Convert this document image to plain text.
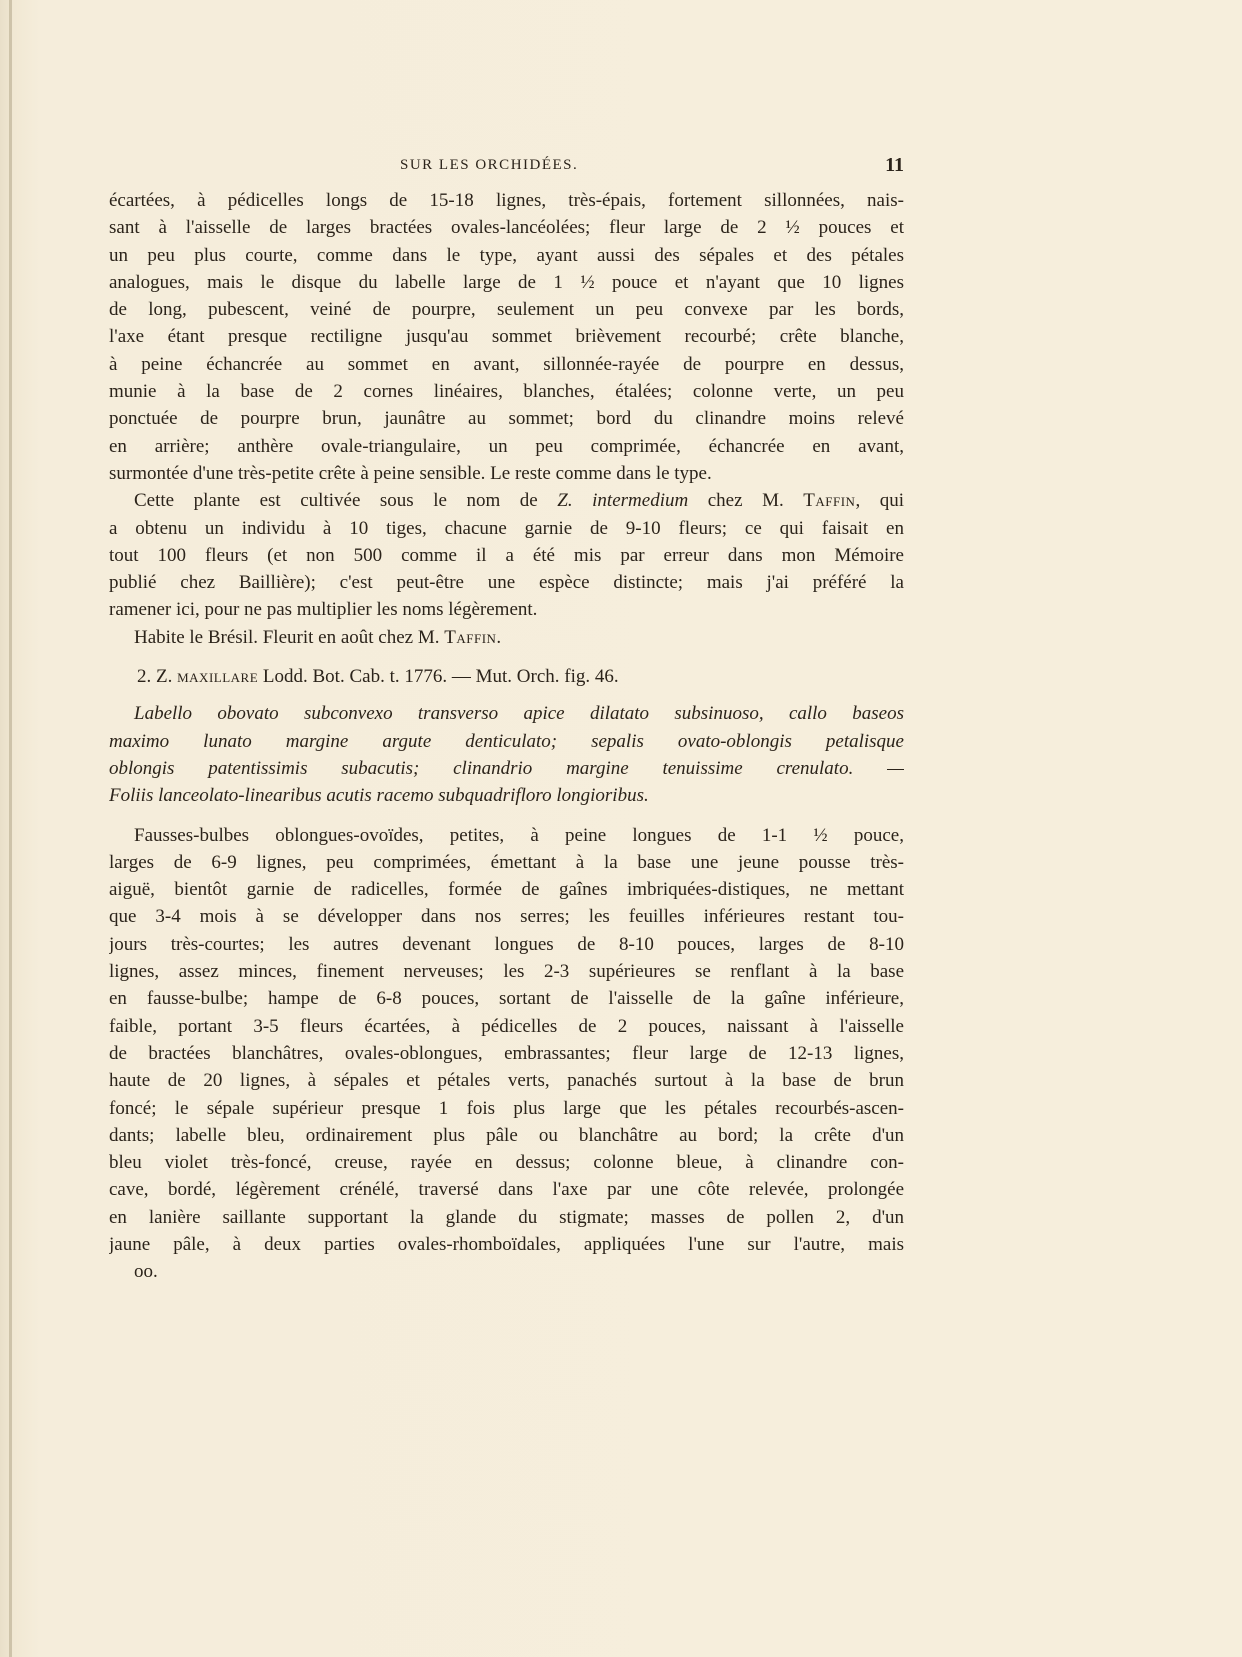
SUR LES ORCHIDÉES.	11
écartées, à pédicelles longs de 15-18 lignes, très-épais, fortement sillonnées, nais-
sant à l'aisselle de larges bractées ovales-lancéolées; fleur large de 2 ½ pouces et
un peu plus courte, comme dans le type, ayant aussi des sépales et des pétales
analogues, mais le disque du labelle large de 1 ½ pouce et n'ayant que 10 lignes
de long, pubescent, veiné de pourpre, seulement un peu convexe par les bords,
l'axe étant presque rectiligne jusqu'au sommet brièvement recourbé; crête blanche,
à peine échancrée au sommet en avant, sillonnée-rayée de pourpre en dessus,
munie à la base de 2 cornes linéaires, blanches, étalées; colonne verte, un peu
ponctuée de pourpre brun, jaunâtre au sommet; bord du clinandre moins relevé
en arrière; anthère ovale-triangulaire, un peu comprimée, échancrée en avant,
surmontée d'une très-petite crête à peine sensible. Le reste comme dans le type.
Cette plante est cultivée sous le nom de Z. intermedium chez M. Taffin, qui
a obtenu un individu à 10 tiges, chacune garnie de 9-10 fleurs; ce qui faisait en
tout 100 fleurs (et non 500 comme il a été mis par erreur dans mon Mémoire
publié chez Baillière); c'est peut-être une espèce distincte; mais j'ai préféré la
ramener ici, pour ne pas multiplier les noms légèrement.
Habite le Brésil. Fleurit en août chez M. Taffin.
2. Z. maxillare Lodd. Bot. Cab. t. 1776. — Mut. Orch. fig. 46.
Labello obovato subconvexo transverso apice dilatato subsinuoso, callo baseos
maximo lunato margine argute denticulato; sepalis ovato-oblongis petalisque
oblongis patentissimis subacutis; clinandrio margine tenuissime crenulato. —
Foliis lanceolato-linearibus acutis racemo subquadrifloro longioribus.
Fausses-bulbes oblongues-ovoïdes, petites, à peine longues de 1-1 ½ pouce,
larges de 6-9 lignes, peu comprimées, émettant à la base une jeune pousse très-
aiguë, bientôt garnie de radicelles, formée de gaînes imbriquées-distiques, ne mettant
que 3-4 mois à se développer dans nos serres; les feuilles inférieures restant tou-
jours très-courtes; les autres devenant longues de 8-10 pouces, larges de 8-10
lignes, assez minces, finement nerveuses; les 2-3 supérieures se renflant à la base
en fausse-bulbe; hampe de 6-8 pouces, sortant de l'aisselle de la gaîne inférieure,
faible, portant 3-5 fleurs écartées, à pédicelles de 2 pouces, naissant à l'aisselle
de bractées blanchâtres, ovales-oblongues, embrassantes; fleur large de 12-13 lignes,
haute de 20 lignes, à sépales et pétales verts, panachés surtout à la base de brun
foncé; le sépale supérieur presque 1 fois plus large que les pétales recourbés-ascen-
dants; labelle bleu, ordinairement plus pâle ou blanchâtre au bord; la crête d'un
bleu violet très-foncé, creuse, rayée en dessus; colonne bleue, à clinandre con-
cave, bordé, légèrement crénélé, traversé dans l'axe par une côte relevée, prolongée
en lanière saillante supportant la glande du stigmate; masses de pollen 2, d'un
jaune pâle, à deux parties ovales-rhomboïdales, appliquées l'une sur l'autre, mais
oo.
